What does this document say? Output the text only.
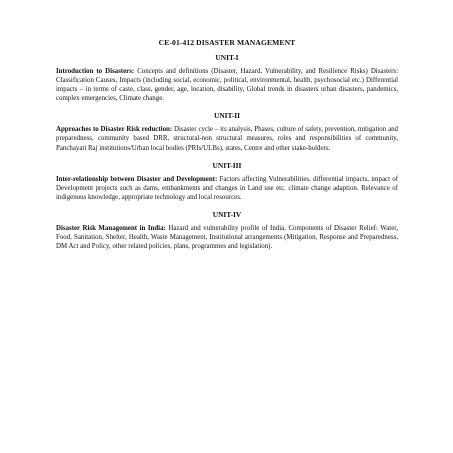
CE-01-412 DISASTER MANAGEMENT
UNIT-I

Introduction to Disasters: Concepts and definitions (Disaster, Hazard, Vulnerability, and Resilience Risks) Disasters: Classification Causes, Impacts (including social, economic, political, environmental, health, psychosocial etc.) Differential impacts – in terms of caste, class, gender, age, location, disability, Global trends in disasters urban disasters, pandemics, complex emergencies, Climate change.

UNIT-II

Approaches to Disaster Risk reduction: Disaster cycle – its analysis, Phases, culture of safety, prevention, mitigation and preparedness, community based DRR, structural-non structural measures, roles and responsibilities of community, Panchayati Raj institutions/Urban local bodies (PRIs/ULBs), states, Centre and other stake-holders.

UNIT-III

Inter-relationship between Disaster and Development: Factors affecting Vulnerabilities, differential impacts, impact of Development projects such as dams, embankments and changes in Land use etc. climate change adaption. Relevance of indigenous knowledge, appropriate technology and local resources.

UNIT-IV

Disaster Risk Management in India: Hazard and vulnerability profile of India, Components of Disaster Relief: Water, Food, Sanitation, Shelter, Health, Waste Management, Institutional arrangements (Mitigation, Response and Preparedness, DM Act and Policy, other related policies, plans, programmes and legislation).
